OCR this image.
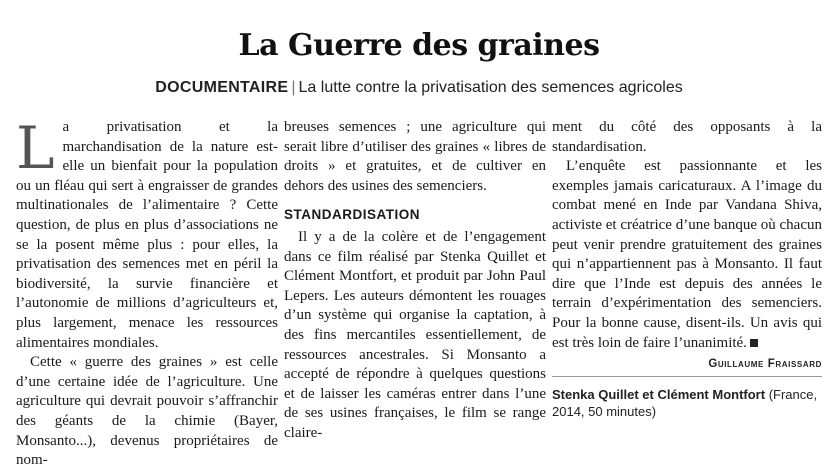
La Guerre des graines
DOCUMENTAIRE | La lutte contre la privatisation des semences agricoles

La privatisation et la marchandisation de la nature est-elle un bienfait pour la population ou un fléau qui sert à engraisser de grandes multinationales de l’alimentaire ? Cette question, de plus en plus d’associations ne se la posent même plus : pour elles, la privatisation des semences met en péril la biodiversité, la survie financière et l’autonomie de millions d’agriculteurs et, plus largement, menace les ressources alimentaires mondiales.

Cette « guerre des graines » est celle d’une certaine idée de l’agriculture. Une agriculture qui devrait pouvoir s’affranchir des géants de la chimie (Bayer, Monsanto...), devenus propriétaires de nom-

breuses semences ; une agriculture qui serait libre d’utiliser des graines « libres de droits » et gratuites, et de cultiver en dehors des usines des semenciers.

STANDARDISATION

Il y a de la colère et de l’engagement dans ce film réalisé par Stenka Quillet et Clément Montfort, et produit par John Paul Lepers. Les auteurs démontent les rouages d’un système qui organise la captation, à des fins mercantiles essentiellement, de ressources ancestrales. Si Monsanto a accepté de répondre à quelques questions et de laisser les caméras entrer dans l’une de ses usines françaises, le film se range claire-

ment du côté des opposants à la standardisation.

L’enquête est passionnante et les exemples jamais caricaturaux. A l’image du combat mené en Inde par Vandana Shiva, activiste et créatrice d’une banque où chacun peut venir prendre gratuitement des graines qui n’appartiennent pas à Monsanto. Il faut dire que l’Inde est depuis des années le terrain d’expérimentation des semenciers. Pour la bonne cause, disent-ils. Un avis qui est très loin de faire l’unanimité.

Guillaume Fraissard
Stenka Quillet et Clément Montfort (France, 2014, 50 minutes)
